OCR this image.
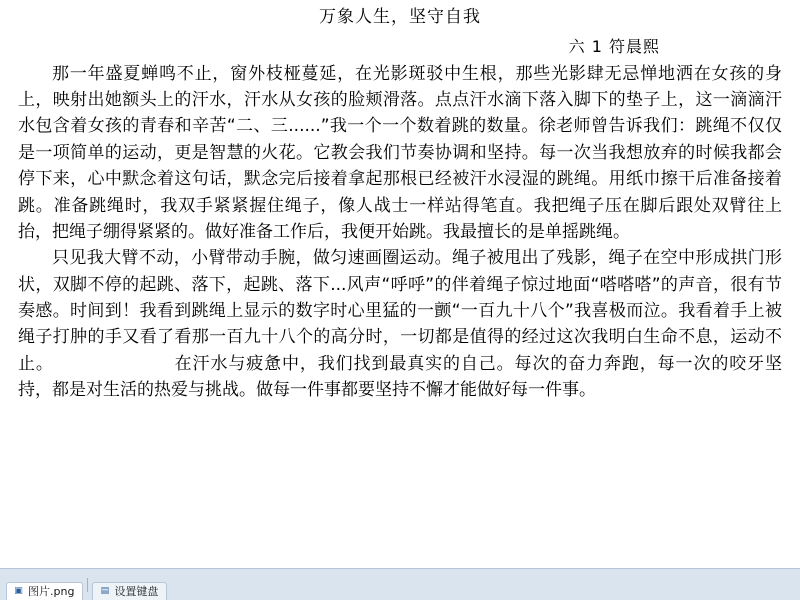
万象人生，坚守自我
六 1 符晨熙

那一年盛夏蝉鸣不止，窗外枝桠蔓延，在光影斑驳中生根，那些光影肆无忌惮地洒在女孩的身上，映射出她额头上的汗水，汗水从女孩的脸颊滑落。点点汗水滴下落入脚下的垫子上，这一滴滴汗水包含着女孩的青春和辛苦“二、三......”我一个一个数着跳的数量。徐老师曾告诉我们：跳绳不仅仅是一项简单的运动，更是智慧的火花。它教会我们节奏协调和坚持。每一次当我想放弃的时候我都会停下来，心中默念着这句话，默念完后接着拿起那根已经被汗水浸湿的跳绳。用纸巾擦干后准备接着跳。准备跳绳时，我双手紧紧握住绳子，像人战士一样站得笔直。我把绳子压在脚后跟处双臂往上抬，把绳子绷得紧紧的。做好准备工作后，我便开始跳。我最擅长的是单摇跳绳。

只见我大臂不动，小臂带动手腕，做匀速画圈运动。绳子被甩出了残影，绳子在空中形成拱门形状，双脚不停的起跳、落下，起跳、落下...风声“呼呼”的伴着绳子惊过地面“嗒嗒嗒”的声音，很有节奏感。时间到！我看到跳绳上显示的数字时心里猛的一颤“一百九十八个”我喜极而泣。我看着手上被绳子打肿的手又看了看那一百九十八个的高分时，一切都是值得的经过这次我明白生命不息，运动不止。	在汗水与疲惫中，我们找到最真实的自己。每次的奋力奔跑，每一次的咬牙坚持，都是对生活的热爱与挑战。做每一件事都要坚持不懈才能做好每一件事。

▣ 图片.png	▤ 设置键盘
